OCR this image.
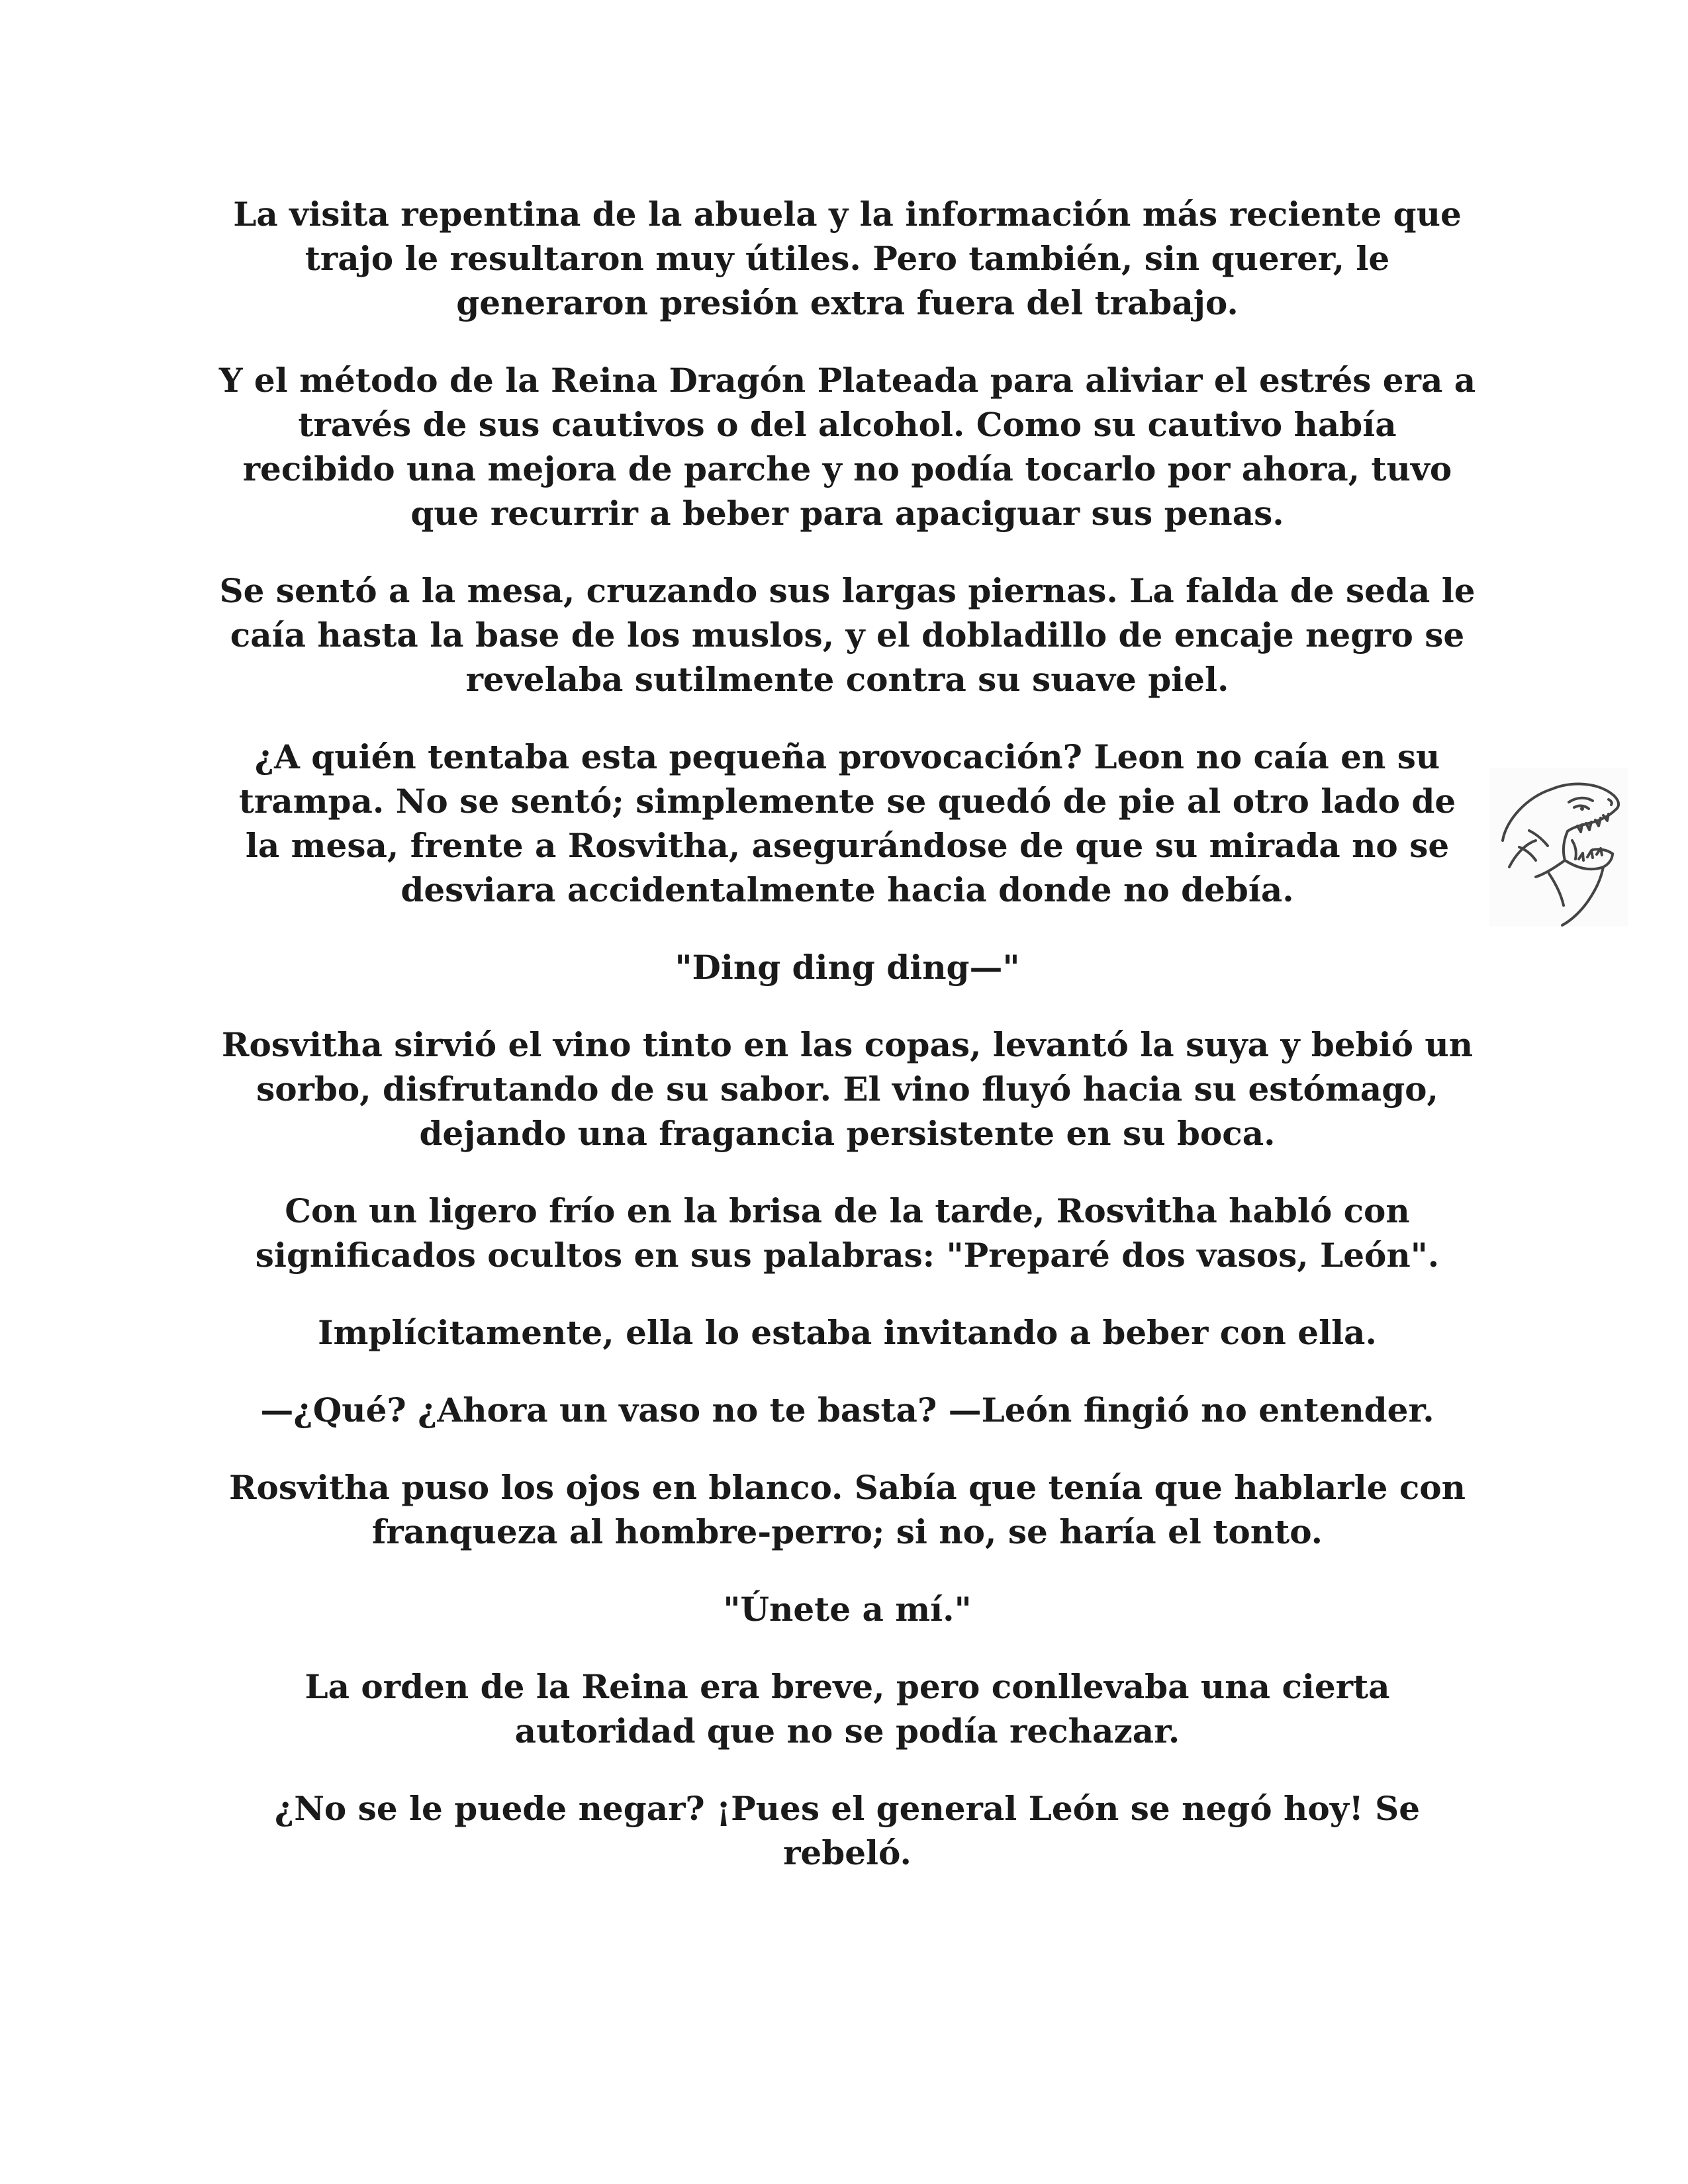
La visita repentina de la abuela y la información más reciente que trajo le resultaron muy útiles. Pero también, sin querer, le generaron presión extra fuera del trabajo.

Y el método de la Reina Dragón Plateada para aliviar el estrés era a través de sus cautivos o del alcohol. Como su cautivo había recibido una mejora de parche y no podía tocarlo por ahora, tuvo que recurrir a beber para apaciguar sus penas.

Se sentó a la mesa, cruzando sus largas piernas. La falda de seda le caía hasta la base de los muslos, y el dobladillo de encaje negro se revelaba sutilmente contra su suave piel.

¿A quién tentaba esta pequeña provocación? Leon no caía en su trampa. No se sentó; simplemente se quedó de pie al otro lado de la mesa, frente a Rosvitha, asegurándose de que su mirada no se desviara accidentalmente hacia donde no debía.

"Ding ding ding—"

Rosvitha sirvió el vino tinto en las copas, levantó la suya y bebió un sorbo, disfrutando de su sabor. El vino fluyó hacia su estómago, dejando una fragancia persistente en su boca.

Con un ligero frío en la brisa de la tarde, Rosvitha habló con significados ocultos en sus palabras: "Preparé dos vasos, León".

Implícitamente, ella lo estaba invitando a beber con ella.

—¿Qué? ¿Ahora un vaso no te basta? —León fingió no entender.

Rosvitha puso los ojos en blanco. Sabía que tenía que hablarle con franqueza al hombre-perro; si no, se haría el tonto.

"Únete a mí."

La orden de la Reina era breve, pero conllevaba una cierta autoridad que no se podía rechazar.

¿No se le puede negar? ¡Pues el general León se negó hoy! Se rebeló.
